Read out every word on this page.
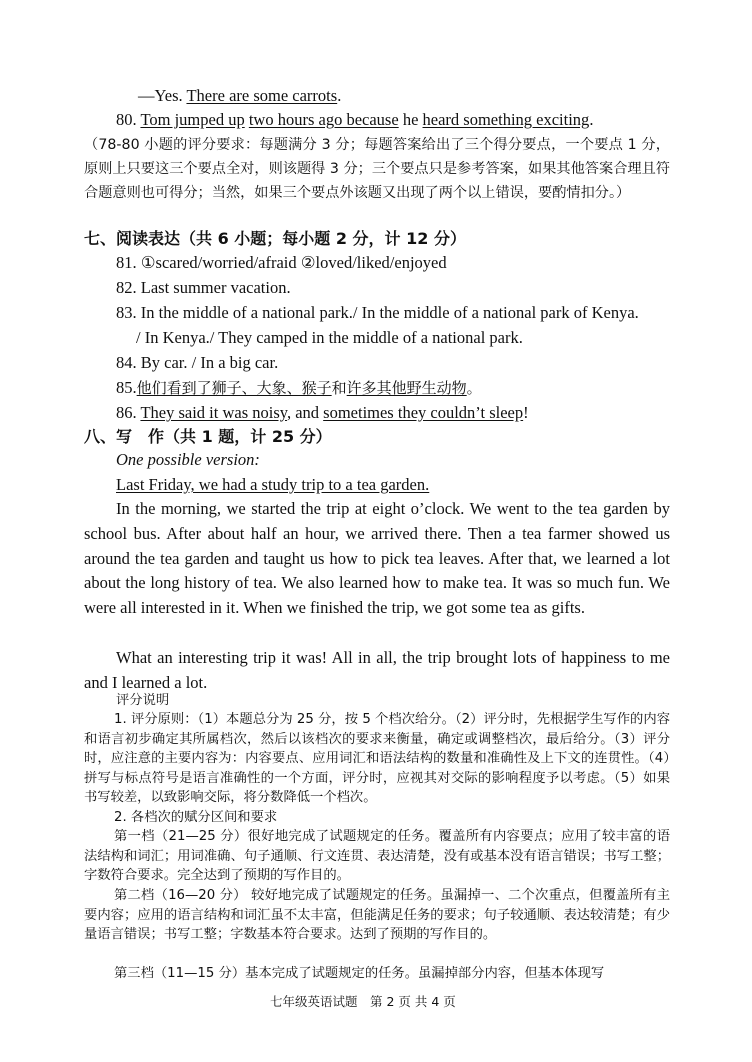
—Yes. There are some carrots.
80. Tom jumped up two hours ago because he heard something exciting.
（78-80 小题的评分要求：每题满分 3 分；每题答案给出了三个得分要点，一个要点 1 分，原则上只要这三个要点全对，则该题得 3 分；三个要点只是参考答案，如果其他答案合理且符合题意则也可得分；当然，如果三个要点外该题又出现了两个以上错误，要酌情扣分。）
七、阅读表达（共 6 小题；每小题 2 分，计 12 分）
81. ①scared/worried/afraid ②loved/liked/enjoyed
82. Last summer vacation.
83. In the middle of a national park./ In the middle of a national park of Kenya.
/ In Kenya./ They camped in the middle of a national park.
84. By car. / In a big car.
85.他们看到了狮子、大象、猴子和许多其他野生动物。
86. They said it was noisy, and sometimes they couldn’t sleep!
八、写　作（共 1 题，计 25 分）
One possible version:
Last Friday, we had a study trip to a tea garden.
In the morning, we started the trip at eight o’clock. We went to the tea garden by school bus. After about half an hour, we arrived there. Then a tea farmer showed us around the tea garden and taught us how to pick tea leaves. After that, we learned a lot about the long history of tea. We also learned how to make tea. It was so much fun. We were all interested in it. When we finished the trip, we got some tea as gifts.
What an interesting trip it was! All in all, the trip brought lots of happiness to me and I learned a lot.
评分说明
1. 评分原则：（1）本题总分为 25 分，按 5 个档次给分。（2）评分时，先根据学生写作的内容和语言初步确定其所属档次，然后以该档次的要求来衡量，确定或调整档次，最后给分。（3）评分时，应注意的主要内容为：内容要点、应用词汇和语法结构的数量和准确性及上下文的连贯性。（4）拼写与标点符号是语言准确性的一个方面，评分时，应视其对交际的影响程度予以考虑。（5）如果书写较差，以致影响交际，将分数降低一个档次。
2. 各档次的赋分区间和要求
第一档（21—25 分）很好地完成了试题规定的任务。覆盖所有内容要点；应用了较丰富的语法结构和词汇；用词准确、句子通顺、行文连贯、表达清楚，没有或基本没有语言错误；书写工整；字数符合要求。完全达到了预期的写作目的。
第二档（16—20 分） 较好地完成了试题规定的任务。虽漏掉一、二个次重点，但覆盖所有主要内容；应用的语言结构和词汇虽不太丰富，但能满足任务的要求；句子较通顺、表达较清楚；有少量语言错误；书写工整；字数基本符合要求。达到了预期的写作目的。
第三档（11—15 分）基本完成了试题规定的任务。虽漏掉部分内容，但基本体现写
七年级英语试题　第 2 页 共 4 页
